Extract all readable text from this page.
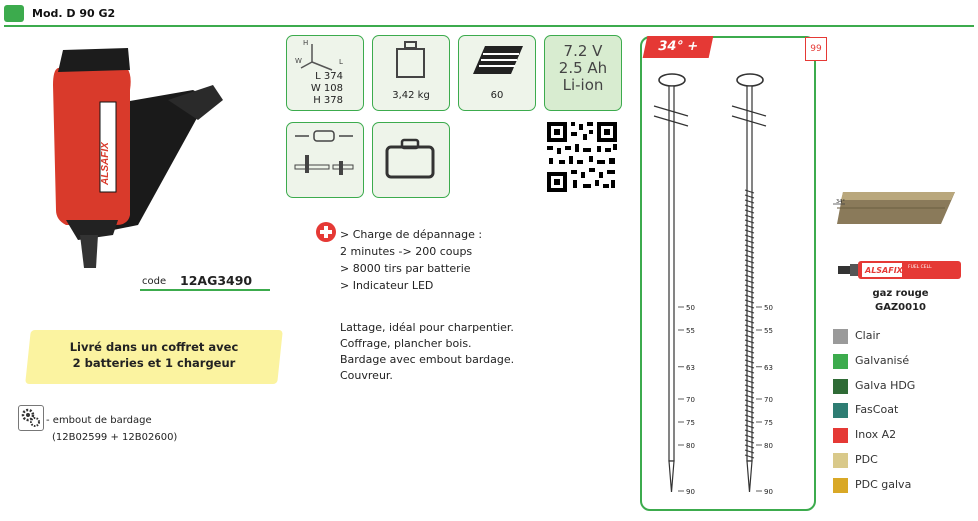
Mod. D 90 G2
ALSAFIX
code 12AG3490
Livré dans un coffret avec
2 batteries et 1 chargeur
- embout de bardage
(12B02599 + 12B02600)
H
W	L
L 374
W 108
H 378	3,42 kg	60
7.2 V
2.5 Ah
Li-ion
> Charge de dépannage :
2 minutes -> 200 coups
> 8000 tirs par batterie
> Indicateur LED
Lattage, idéal pour charpentier.
Coffrage, plancher bois.
Bardage avec embout bardage.
Couvreur.
34° +	99
50
55
63
70
75
80
90
50
55
63
70
75
80
90
34°
ALSAFIX FUEL CELL
gaz rouge
GAZ0010
Clair
Galvanisé
Galva HDG
FasCoat
Inox A2
PDC
PDC galva
